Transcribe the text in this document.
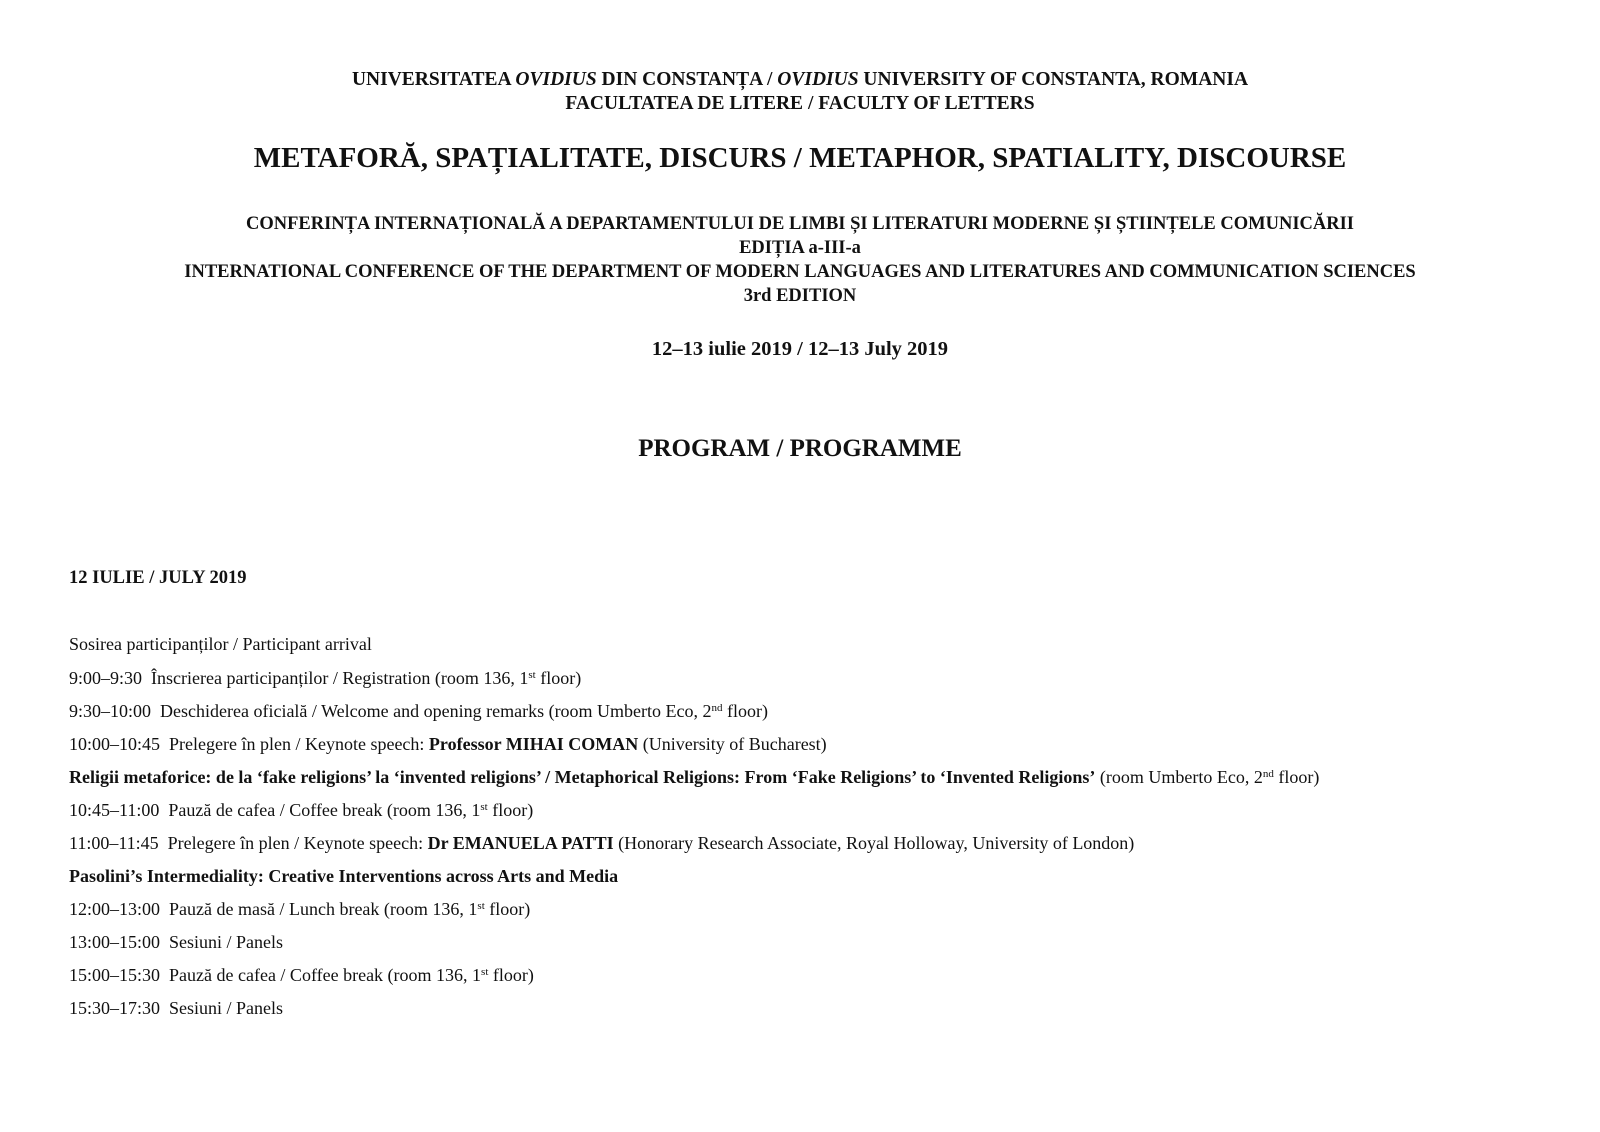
UNIVERSITATEA OVIDIUS DIN CONSTANȚA / OVIDIUS UNIVERSITY OF CONSTANTA, ROMANIA
FACULTATEA DE LITERE / FACULTY OF LETTERS
METAFORĂ, SPAȚIALITATE, DISCURS / METAPHOR, SPATIALITY, DISCOURSE
CONFERINȚA INTERNAȚIONALĂ A DEPARTAMENTULUI DE LIMBI ȘI LITERATURI MODERNE ȘI ȘTIINȚELE COMUNICĂRII
EDIȚIA a-III-a
INTERNATIONAL CONFERENCE OF THE DEPARTMENT OF MODERN LANGUAGES AND LITERATURES AND COMMUNICATION SCIENCES
3rd EDITION
12–13 iulie 2019 / 12–13 July 2019
PROGRAM / PROGRAMME
12 IULIE / JULY 2019
Sosirea participanților / Participant arrival
9:00–9:30 Înscrierea participanților / Registration (room 136, 1st floor)
9:30–10:00 Deschiderea oficială / Welcome and opening remarks (room Umberto Eco, 2nd floor)
10:00–10:45 Prelegere în plen / Keynote speech: Professor MIHAI COMAN (University of Bucharest)
Religii metaforice: de la ‘fake religions’ la ‘invented religions’ / Metaphorical Religions: From ‘Fake Religions’ to ‘Invented Religions’ (room Umberto Eco, 2nd floor)
10:45–11:00 Pauză de cafea / Coffee break (room 136, 1st floor)
11:00–11:45 Prelegere în plen / Keynote speech: Dr EMANUELA PATTI (Honorary Research Associate, Royal Holloway, University of London)
Pasolini’s Intermediality: Creative Interventions across Arts and Media
12:00–13:00 Pauză de masă / Lunch break (room 136, 1st floor)
13:00–15:00 Sesiuni / Panels
15:00–15:30 Pauză de cafea / Coffee break (room 136, 1st floor)
15:30–17:30 Sesiuni / Panels
